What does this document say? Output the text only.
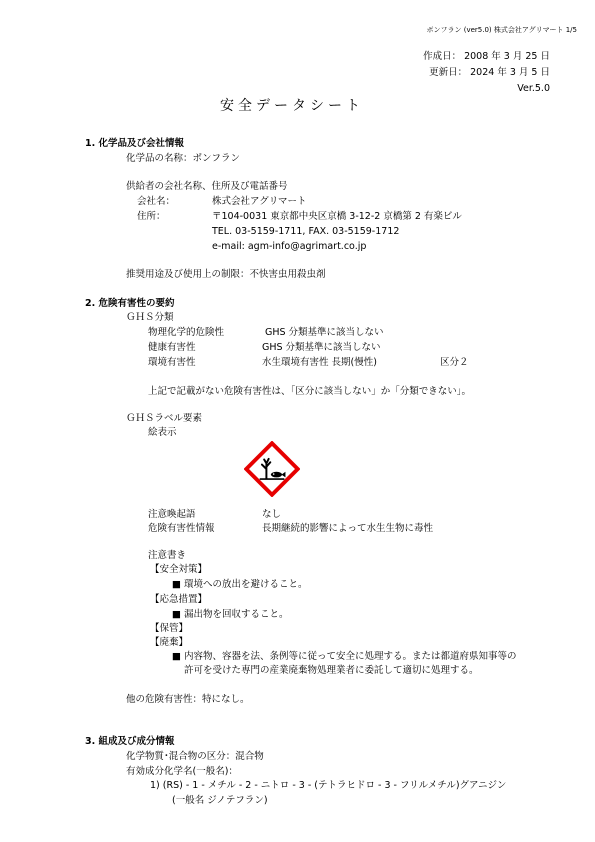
ボンフラン (ver5.0) 株式会社アグリマート 1/5
作成日： 2008 年 3 月 25 日
更新日： 2024 年 3 月 5 日
Ver.5.0
安全データシート
1. 化学品及び会社情報
化学品の名称：ボンフラン
供給者の会社名称、住所及び電話番号
会社名：	株式会社アグリマート
住所：	〒104-0031 東京都中央区京橋 3-12-2 京橋第 2 有楽ビル
TEL. 03-5159-1711, FAX. 03-5159-1712
e-mail: agm-info@agrimart.co.jp
推奨用途及び使用上の制限：不快害虫用殺虫剤
2. 危険有害性の要約
ＧＨＳ分類
物理化学的危険性	GHS 分類基準に該当しない
健康有害性	GHS 分類基準に該当しない
環境有害性	水生環境有害性 長期(慢性)	区分２
上記で記載がない危険有害性は、「区分に該当しない」か「分類できない」。
ＧＨＳラベル要素
絵表示
注意喚起語	なし
危険有害性情報	長期継続的影響によって水生生物に毒性
注意書き
【安全対策】
■ 環境への放出を避けること。
【応急措置】
■ 漏出物を回収すること。
【保管】
【廃棄】
■ 内容物、容器を法、条例等に従って安全に処理する。または都道府県知事等の
許可を受けた専門の産業廃棄物処理業者に委託して適切に処理する。
他の危険有害性：特になし。
3. 組成及び成分情報
化学物質･混合物の区分：混合物
有効成分化学名(一般名)：
1) (RS) - 1 - メチル - 2 - ニトロ - 3 - (テトラヒドロ - 3 - フリルメチル)グアニジン
(一般名 ジノテフラン)
